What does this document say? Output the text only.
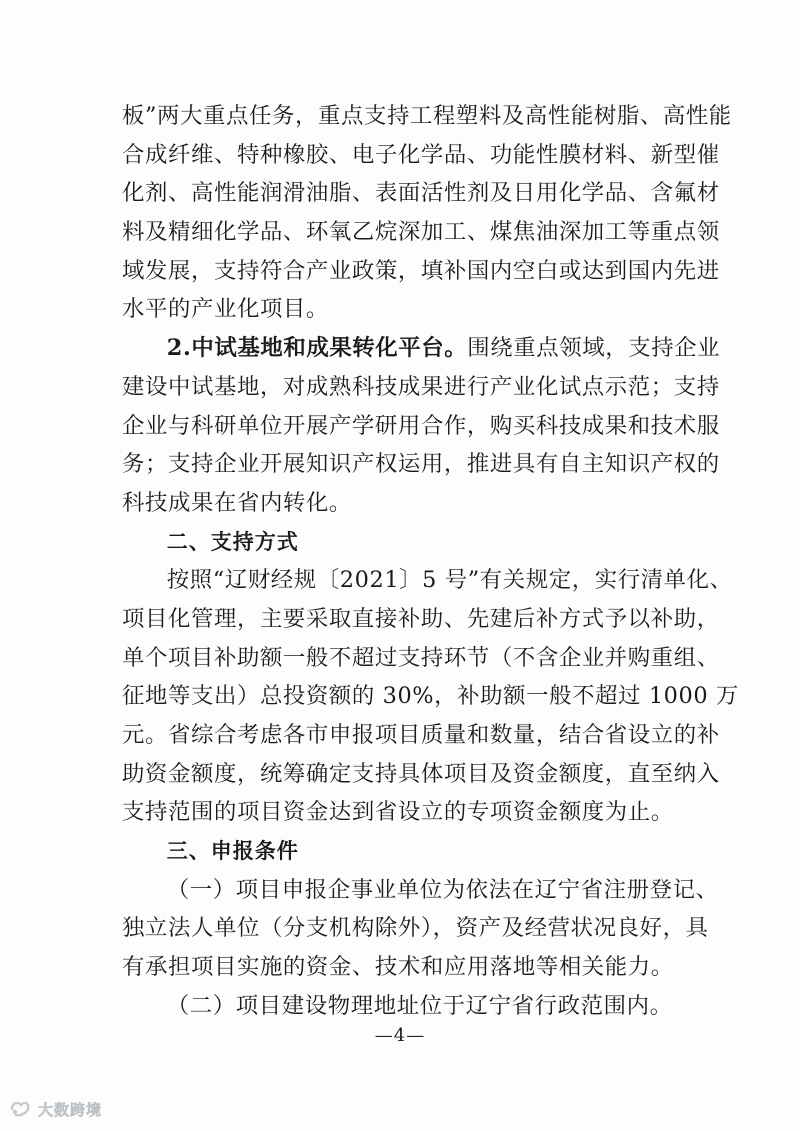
板”两大重点任务，重点支持工程塑料及高性能树脂、高性能
合成纤维、特种橡胶、电子化学品、功能性膜材料、新型催
化剂、高性能润滑油脂、表面活性剂及日用化学品、含氟材
料及精细化学品、环氧乙烷深加工、煤焦油深加工等重点领
域发展，支持符合产业政策，填补国内空白或达到国内先进
水平的产业化项目。
2.中试基地和成果转化平台。围绕重点领域，支持企业
建设中试基地，对成熟科技成果进行产业化试点示范；支持
企业与科研单位开展产学研用合作，购买科技成果和技术服
务；支持企业开展知识产权运用，推进具有自主知识产权的
科技成果在省内转化。
二、支持方式
按照“辽财经规〔2021〕5 号”有关规定，实行清单化、
项目化管理，主要采取直接补助、先建后补方式予以补助，
单个项目补助额一般不超过支持环节（不含企业并购重组、
征地等支出）总投资额的 30%，补助额一般不超过 1000 万
元。省综合考虑各市申报项目质量和数量，结合省设立的补
助资金额度，统筹确定支持具体项目及资金额度，直至纳入
支持范围的项目资金达到省设立的专项资金额度为止。
三、申报条件
（一）项目申报企事业单位为依法在辽宁省注册登记、
独立法人单位（分支机构除外），资产及经营状况良好，具
有承担项目实施的资金、技术和应用落地等相关能力。
（二）项目建设物理地址位于辽宁省行政范围内。
—4—
大数跨境
